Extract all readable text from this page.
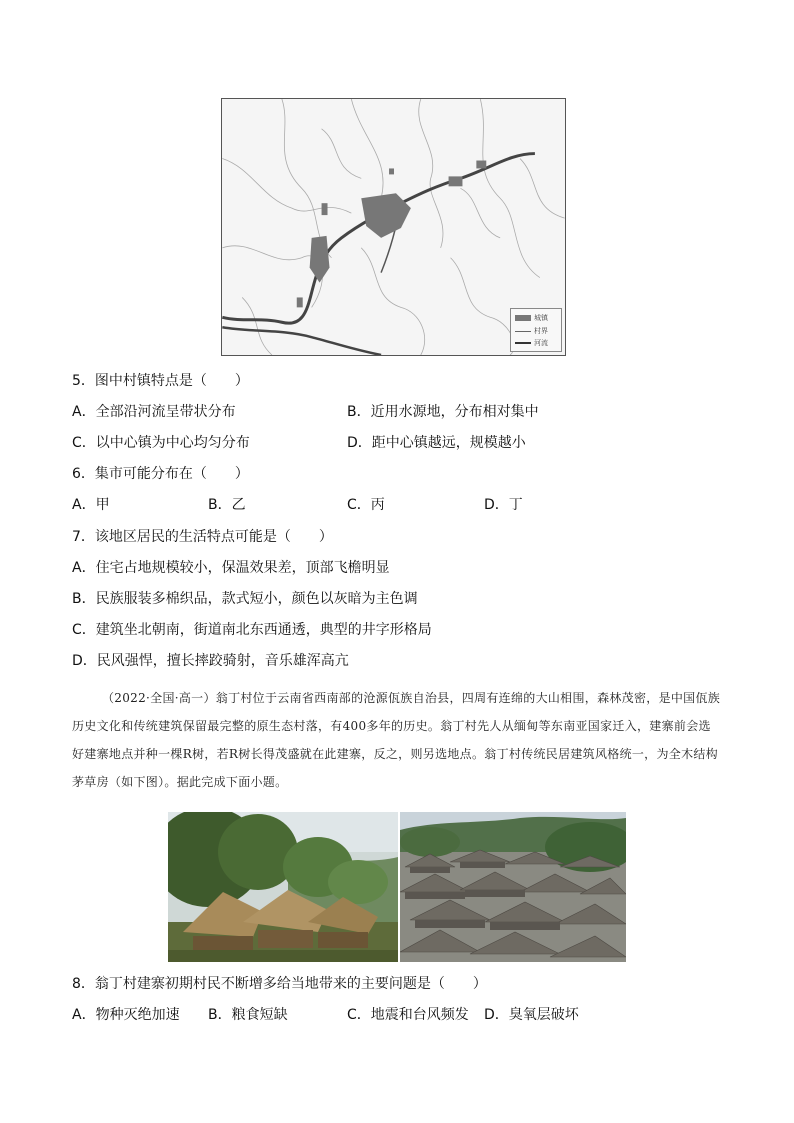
城镇
村界
河流
5．图中村镇特点是（　　）
A．全部沿河流呈带状分布	B．近用水源地，分布相对集中
C．以中心镇为中心均匀分布	D．距中心镇越远，规模越小
6．集市可能分布在（　　）
A．甲	B．乙	C．丙	D．丁
7．该地区居民的生活特点可能是（　　）
A．住宅占地规模较小，保温效果差，顶部飞檐明显
B．民族服装多棉织品，款式短小，颜色以灰暗为主色调
C．建筑坐北朝南，街道南北东西通透，典型的井字形格局
D．民风强悍，擅长摔跤骑射，音乐雄浑高亢
（2022·全国·高一）翁丁村位于云南省西南部的沧源佤族自治县，四周有连绵的大山相围，森林茂密，是中国佤族历史文化和传统建筑保留最完整的原生态村落，有400多年的历史。翁丁村先人从缅甸等东南亚国家迁入，建寨前会选好建寨地点并种一棵R树，若R树长得茂盛就在此建寨，反之，则另选地点。翁丁村传统民居建筑风格统一，为全木结构茅草房（如下图）。据此完成下面小题。
8．翁丁村建寨初期村民不断增多给当地带来的主要问题是（　　）
A．物种灭绝加速 B．粮食短缺	C．地震和台风频发 D．臭氧层破坏
